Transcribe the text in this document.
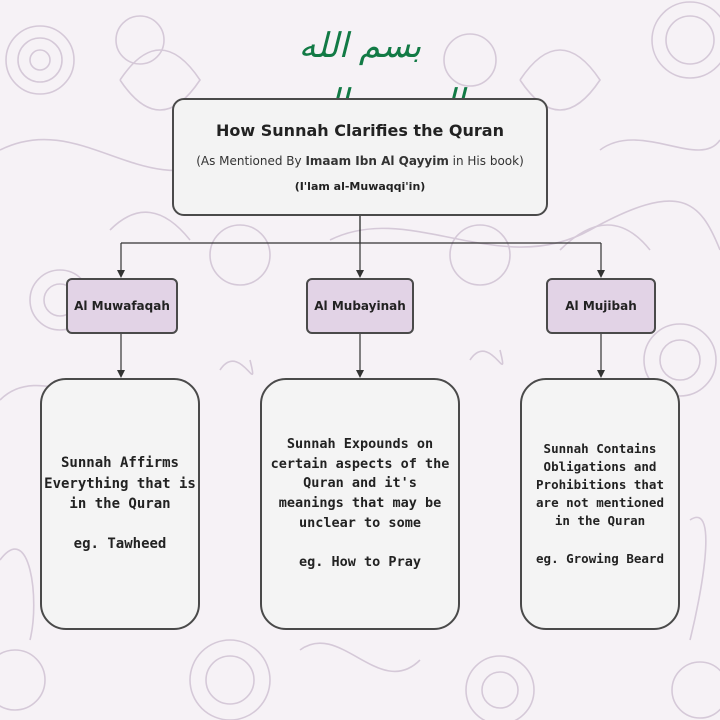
بسم الله
How Sunnah Clarifies the Quran
(As Mentioned By Imaam Ibn Al Qayyim in His book)
(I'lam al-Muwaqqi'in)
Al Muwafaqah	Al Mubayinah	Al Mujibah
Sunnah Affirms
Everything that is
in the Quran
eg. Tawheed
Sunnah Expounds on
certain aspects of the
Quran and it's
meanings that may be
unclear to some
eg. How to Pray
Sunnah Contains
Obligations and
Prohibitions that
are not mentioned
in the Quran
eg. Growing Beard
